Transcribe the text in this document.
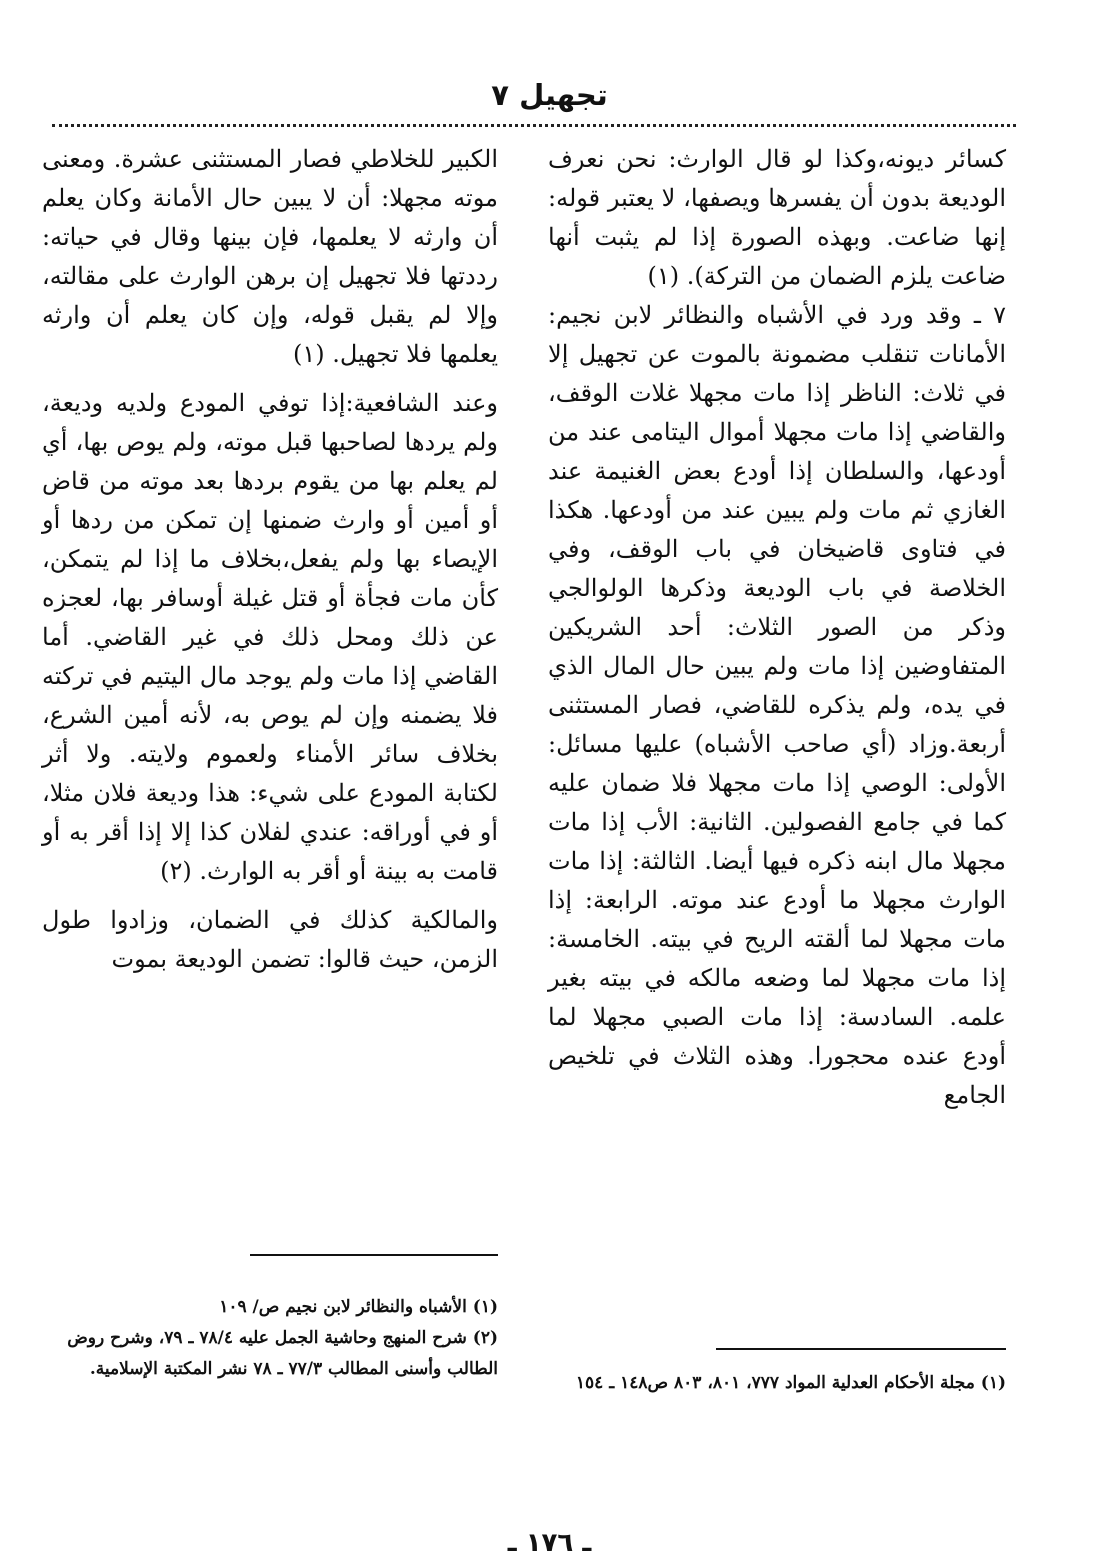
تجهيل ٧

كسائر ديونه،وكذا لو قال الوارث: نحن نعرف الوديعة بدون أن يفسرها ويصفها، لا يعتبر قوله: إنها ضاعت. وبهذه الصورة إذا لم يثبت أنها ضاعت يلزم الضمان من التركة). (١)

٧ ـ وقد ورد في الأشباه والنظائر لابن نجيم: الأمانات تنقلب مضمونة بالموت عن تجهيل إلا في ثلاث: الناظر إذا مات مجهلا غلات الوقف، والقاضي إذا مات مجهلا أموال اليتامى عند من أودعها، والسلطان إذا أودع بعض الغنيمة عند الغازي ثم مات ولم يبين عند من أودعها. هكذا في فتاوى قاضيخان في باب الوقف، وفي الخلاصة في باب الوديعة وذكرها الولوالجي وذكر من الصور الثلاث: أحد الشريكين المتفاوضين إذا مات ولم يبين حال المال الذي في يده، ولم يذكره للقاضي، فصار المستثنى أربعة.وزاد (أي صاحب الأشباه) عليها مسائل: الأولى: الوصي إذا مات مجهلا فلا ضمان عليه كما في جامع الفصولين. الثانية: الأب إذا مات مجهلا مال ابنه ذكره فيها أيضا. الثالثة: إذا مات الوارث مجهلا ما أودع عند موته. الرابعة: إذا مات مجهلا لما ألقته الريح في بيته. الخامسة: إذا مات مجهلا لما وضعه مالكه في بيته بغير علمه. السادسة: إذا مات الصبي مجهلا لما أودع عنده محجورا. وهذه الثلاث في تلخيص الجامع

(١) مجلة الأحكام العدلية المواد ٧٧٧، ٨٠١، ٨٠٣ ص١٤٨ ـ ١٥٤

الكبير للخلاطي فصار المستثنى عشرة. ومعنى موته مجهلا: أن لا يبين حال الأمانة وكان يعلم أن وارثه لا يعلمها، فإن بينها وقال في حياته: رددتها فلا تجهيل إن برهن الوارث على مقالته، وإلا لم يقبل قوله، وإن كان يعلم أن وارثه يعلمها فلا تجهيل. (١)

وعند الشافعية:إذا توفي المودع ولديه وديعة، ولم يردها لصاحبها قبل موته، ولم يوص بها، أي لم يعلم بها من يقوم بردها بعد موته من قاض أو أمين أو وارث ضمنها إن تمكن من ردها أو الإيصاء بها ولم يفعل،بخلاف ما إذا لم يتمكن، كأن مات فجأة أو قتل غيلة أوسافر بها، لعجزه عن ذلك ومحل ذلك في غير القاضي. أما القاضي إذا مات ولم يوجد مال اليتيم في تركته فلا يضمنه وإن لم يوص به، لأنه أمين الشرع، بخلاف سائر الأمناء ولعموم ولايته. ولا أثر لكتابة المودع على شيء: هذا وديعة فلان مثلا، أو في أوراقه: عندي لفلان كذا إلا إذا أقر به أو قامت به بينة أو أقر به الوارث. (٢)

والمالكية كذلك في الضمان، وزادوا طول الزمن، حيث قالوا: تضمن الوديعة بموت

(١) الأشباه والنظائر لابن نجيم ص/ ١٠٩
(٢) شرح المنهج وحاشية الجمل عليه ٧٨/٤ ـ ٧٩، وشرح روض الطالب وأسنى المطالب ٧٧/٣ ـ ٧٨ نشر المكتبة الإسلامية.
ـ ١٧٦ ـ
